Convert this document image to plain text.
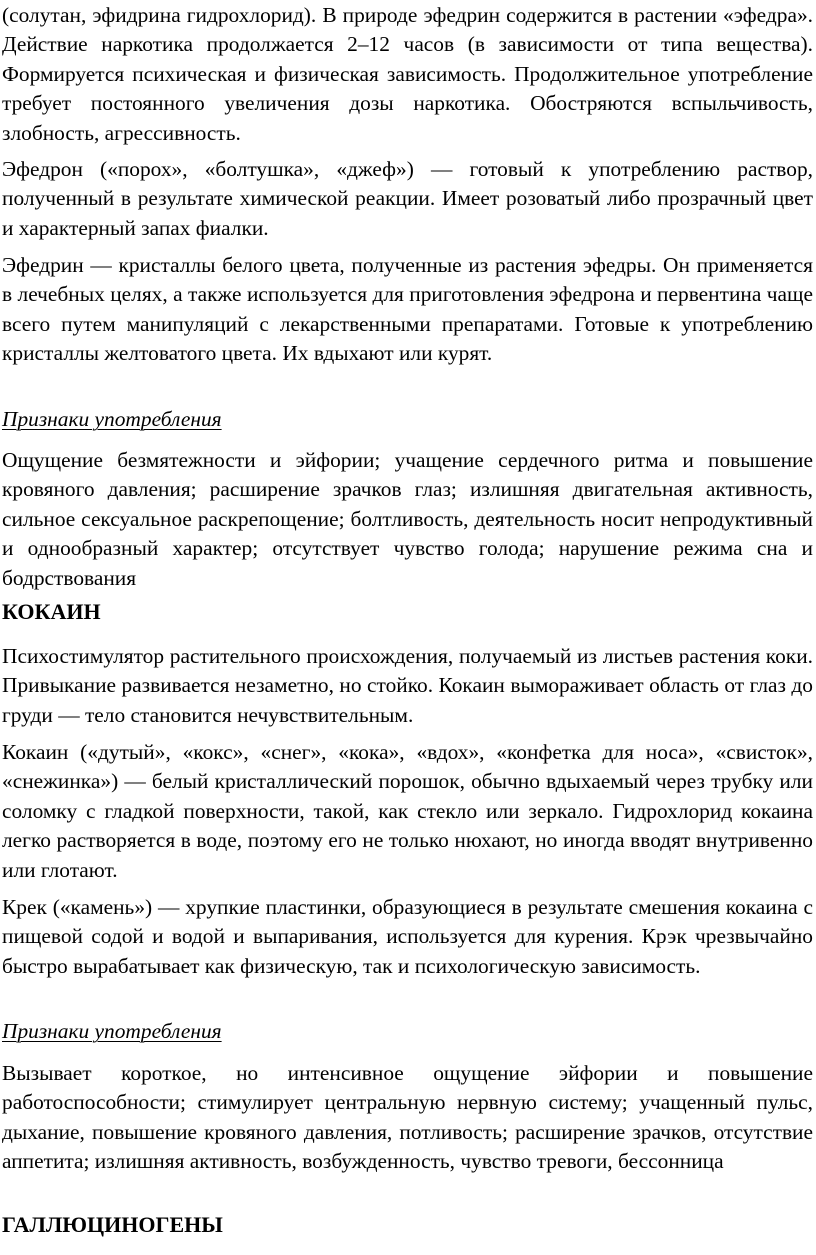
(солутан, эфидрина гидрохлорид). В природе эфедрин содержится в растении «эфедра». Действие наркотика продолжается 2–12 часов (в зависимости от типа вещества). Формируется психическая и физическая зависимость. Продолжительное употребление требует постоянного увеличения дозы наркотика. Обостряются вспыльчивость, злобность, агрессивность.

Эфедрон («порох», «болтушка», «джеф») — готовый к употреблению раствор, полученный в результате химической реакции. Имеет розоватый либо прозрачный цвет и характерный запах фиалки.

Эфедрин — кристаллы белого цвета, полученные из растения эфедры. Он применяется в лечебных целях, а также используется для приготовления эфедрона и первентина чаще всего путем манипуляций с лекарственными препаратами. Готовые к употреблению кристаллы желтоватого цвета. Их вдыхают или курят.

Признаки употребления

Ощущение безмятежности и эйфории; учащение сердечного ритма и повышение кровяного давления; расширение зрачков глаз; излишняя двигательная активность, сильное сексуальное раскрепощение; болтливость, деятельность носит непродуктивный и однообразный характер; отсутствует чувство голода; нарушение режима сна и бодрствования

КОКАИН

Психостимулятор растительного происхождения, получаемый из листьев растения коки. Привыкание развивается незаметно, но стойко. Кокаин вымораживает область от глаз до груди — тело становится нечувствительным.

Кокаин («дутый», «кокс», «снег», «кока», «вдох», «конфетка для носа», «свисток», «снежинка») — белый кристаллический порошок, обычно вдыхаемый через трубку или соломку с гладкой поверхности, такой, как стекло или зеркало. Гидрохлорид кокаина легко растворяется в воде, поэтому его не только нюхают, но иногда вводят внутривенно или глотают.

Крек («камень») — хрупкие пластинки, образующиеся в результате смешения кокаина с пищевой содой и водой и выпаривания, используется для курения. Крэк чрезвычайно быстро вырабатывает как физическую, так и психологическую зависимость.

Признаки употребления

Вызывает короткое, но интенсивное ощущение эйфории и повышение работоспособности; стимулирует центральную нервную систему; учащенный пульс, дыхание, повышение кровяного давления, потливость; расширение зрачков, отсутствие аппетита; излишняя активность, возбужденность, чувство тревоги, бессонница

ГАЛЛЮЦИНОГЕНЫ
